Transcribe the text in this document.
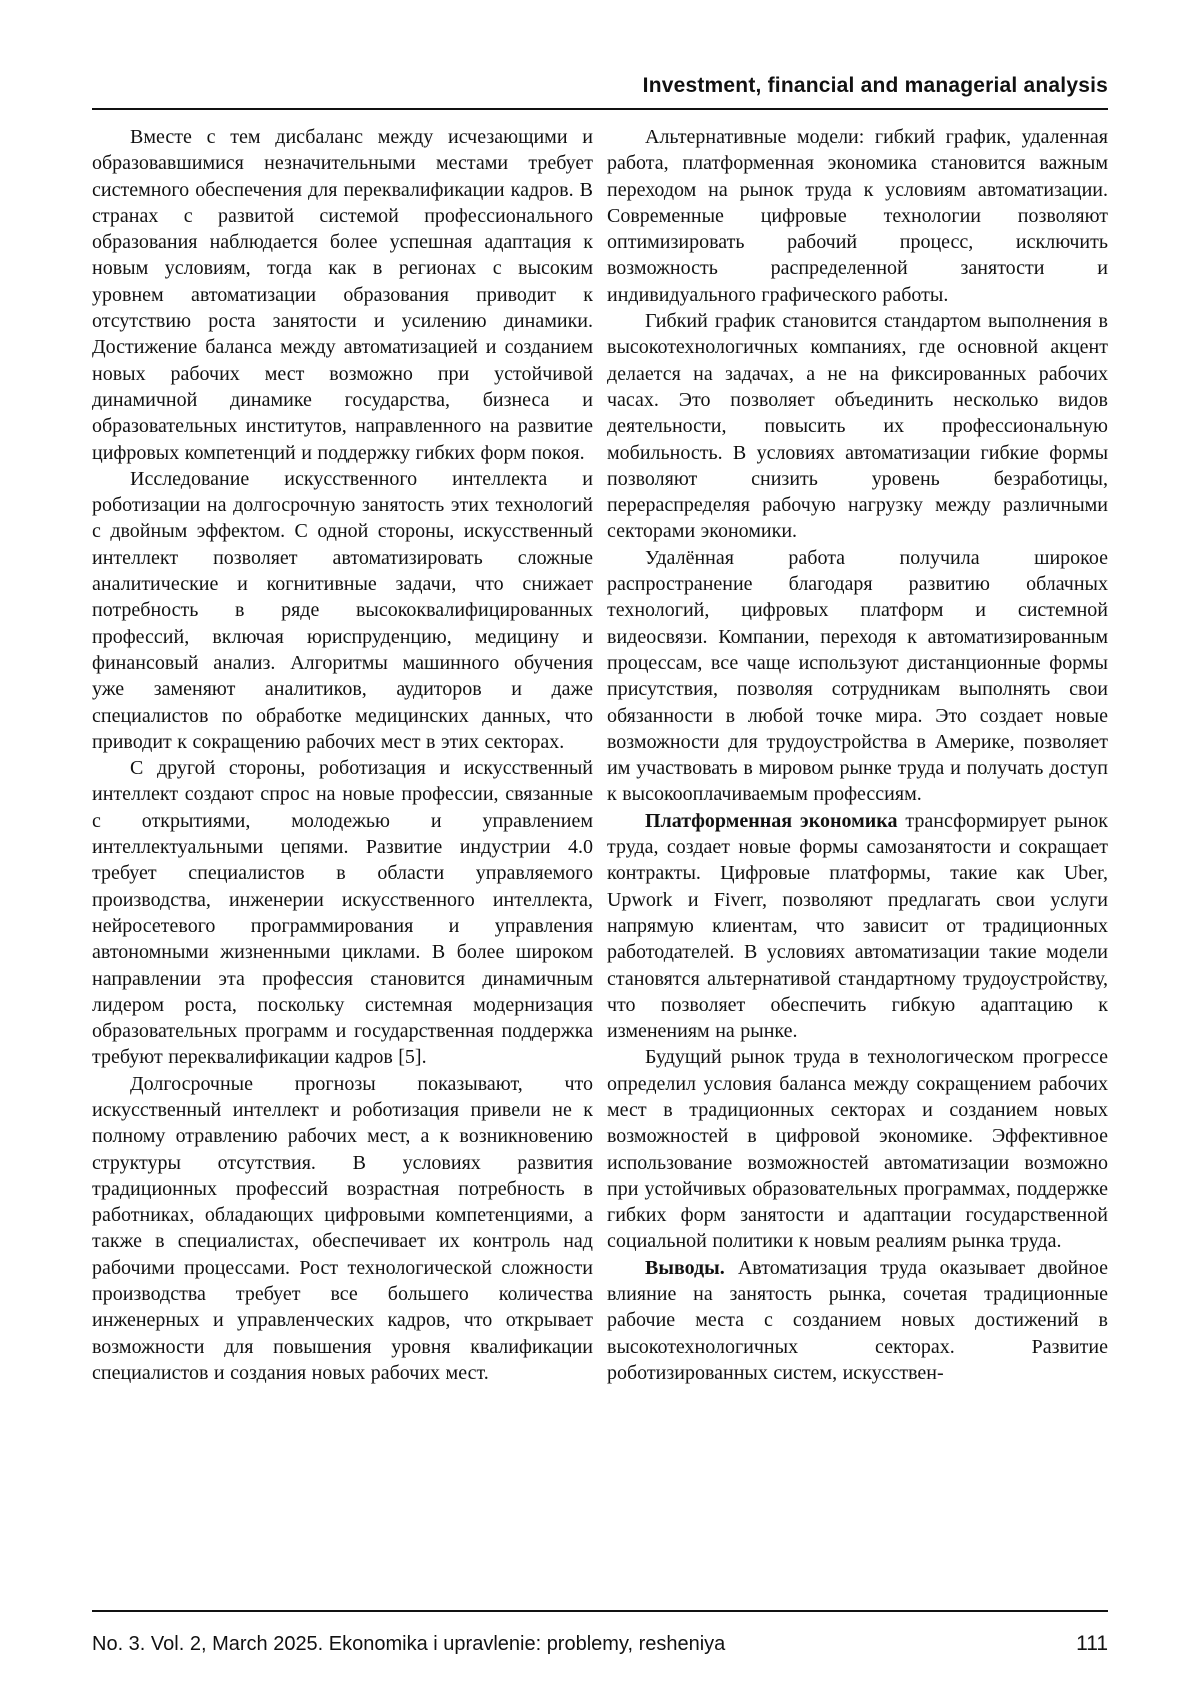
Investment, financial and managerial analysis

Вместе с тем дисбаланс между исчезающими и образовавшимися незначительными местами требует системного обеспечения для переквалификации кадров. В странах с развитой системой профессионального образования наблюдается более успешная адаптация к новым условиям, тогда как в регионах с высоким уровнем автоматизации образования приводит к отсутствию роста занятости и усилению динамики. Достижение баланса между автоматизацией и созданием новых рабочих мест возможно при устойчивой динамичной динамике государства, бизнеса и образовательных институтов, направленного на развитие цифровых компетенций и поддержку гибких форм покоя.

Исследование искусственного интеллекта и роботизации на долгосрочную занятость этих технологий с двойным эффектом. С одной стороны, искусственный интеллект позволяет автоматизировать сложные аналитические и когнитивные задачи, что снижает потребность в ряде высококвалифицированных профессий, включая юриспруденцию, медицину и финансовый анализ. Алгоритмы машинного обучения уже заменяют аналитиков, аудиторов и даже специалистов по обработке медицинских данных, что приводит к сокращению рабочих мест в этих секторах.

С другой стороны, роботизация и искусственный интеллект создают спрос на новые профессии, связанные с открытиями, молодежью и управлением интеллектуальными цепями. Развитие индустрии 4.0 требует специалистов в области управляемого производства, инженерии искусственного интеллекта, нейросетевого программирования и управления автономными жизненными циклами. В более широком направлении эта профессия становится динамичным лидером роста, поскольку системная модернизация образовательных программ и государственная поддержка требуют переквалификации кадров [5].

Долгосрочные прогнозы показывают, что искусственный интеллект и роботизация привели не к полному отравлению рабочих мест, а к возникновению структуры отсутствия. В условиях развития традиционных профессий возрастная потребность в работниках, обладающих цифровыми компетенциями, а также в специалистах, обеспечивает их контроль над рабочими процессами. Рост технологической сложности производства требует все большего количества инженерных и управленческих кадров, что открывает возможности для повышения уровня квалификации специалистов и создания новых рабочих мест.

Альтернативные модели: гибкий график, удаленная работа, платформенная экономика становится важным переходом на рынок труда к условиям автоматизации. Современные цифровые технологии позволяют оптимизировать рабочий процесс, исключить возможность распределенной занятости и индивидуального графического работы.

Гибкий график становится стандартом выполнения в высокотехнологичных компаниях, где основной акцент делается на задачах, а не на фиксированных рабочих часах. Это позволяет объединить несколько видов деятельности, повысить их профессиональную мобильность. В условиях автоматизации гибкие формы позволяют снизить уровень безработицы, перераспределяя рабочую нагрузку между различными секторами экономики.

Удалённая работа получила широкое распространение благодаря развитию облачных технологий, цифровых платформ и системной видеосвязи. Компании, переходя к автоматизированным процессам, все чаще используют дистанционные формы присутствия, позволяя сотрудникам выполнять свои обязанности в любой точке мира. Это создает новые возможности для трудоустройства в Америке, позволяет им участвовать в мировом рынке труда и получать доступ к высокооплачиваемым профессиям.

Платформенная экономика трансформирует рынок труда, создает новые формы самозанятости и сокращает контракты. Цифровые платформы, такие как Uber, Upwork и Fiverr, позволяют предлагать свои услуги напрямую клиентам, что зависит от традиционных работодателей. В условиях автоматизации такие модели становятся альтернативой стандартному трудоустройству, что позволяет обеспечить гибкую адаптацию к изменениям на рынке.

Будущий рынок труда в технологическом прогрессе определил условия баланса между сокращением рабочих мест в традиционных секторах и созданием новых возможностей в цифровой экономике. Эффективное использование возможностей автоматизации возможно при устойчивых образовательных программах, поддержке гибких форм занятости и адаптации государственной социальной политики к новым реалиям рынка труда.

Выводы. Автоматизация труда оказывает двойное влияние на занятость рынка, сочетая традиционные рабочие места с созданием новых достижений в высокотехнологичных секторах. Развитие роботизированных систем, искусствен-

No. 3. Vol. 2, March 2025. Ekonomika i upravlenie: problemy, resheniya	111
